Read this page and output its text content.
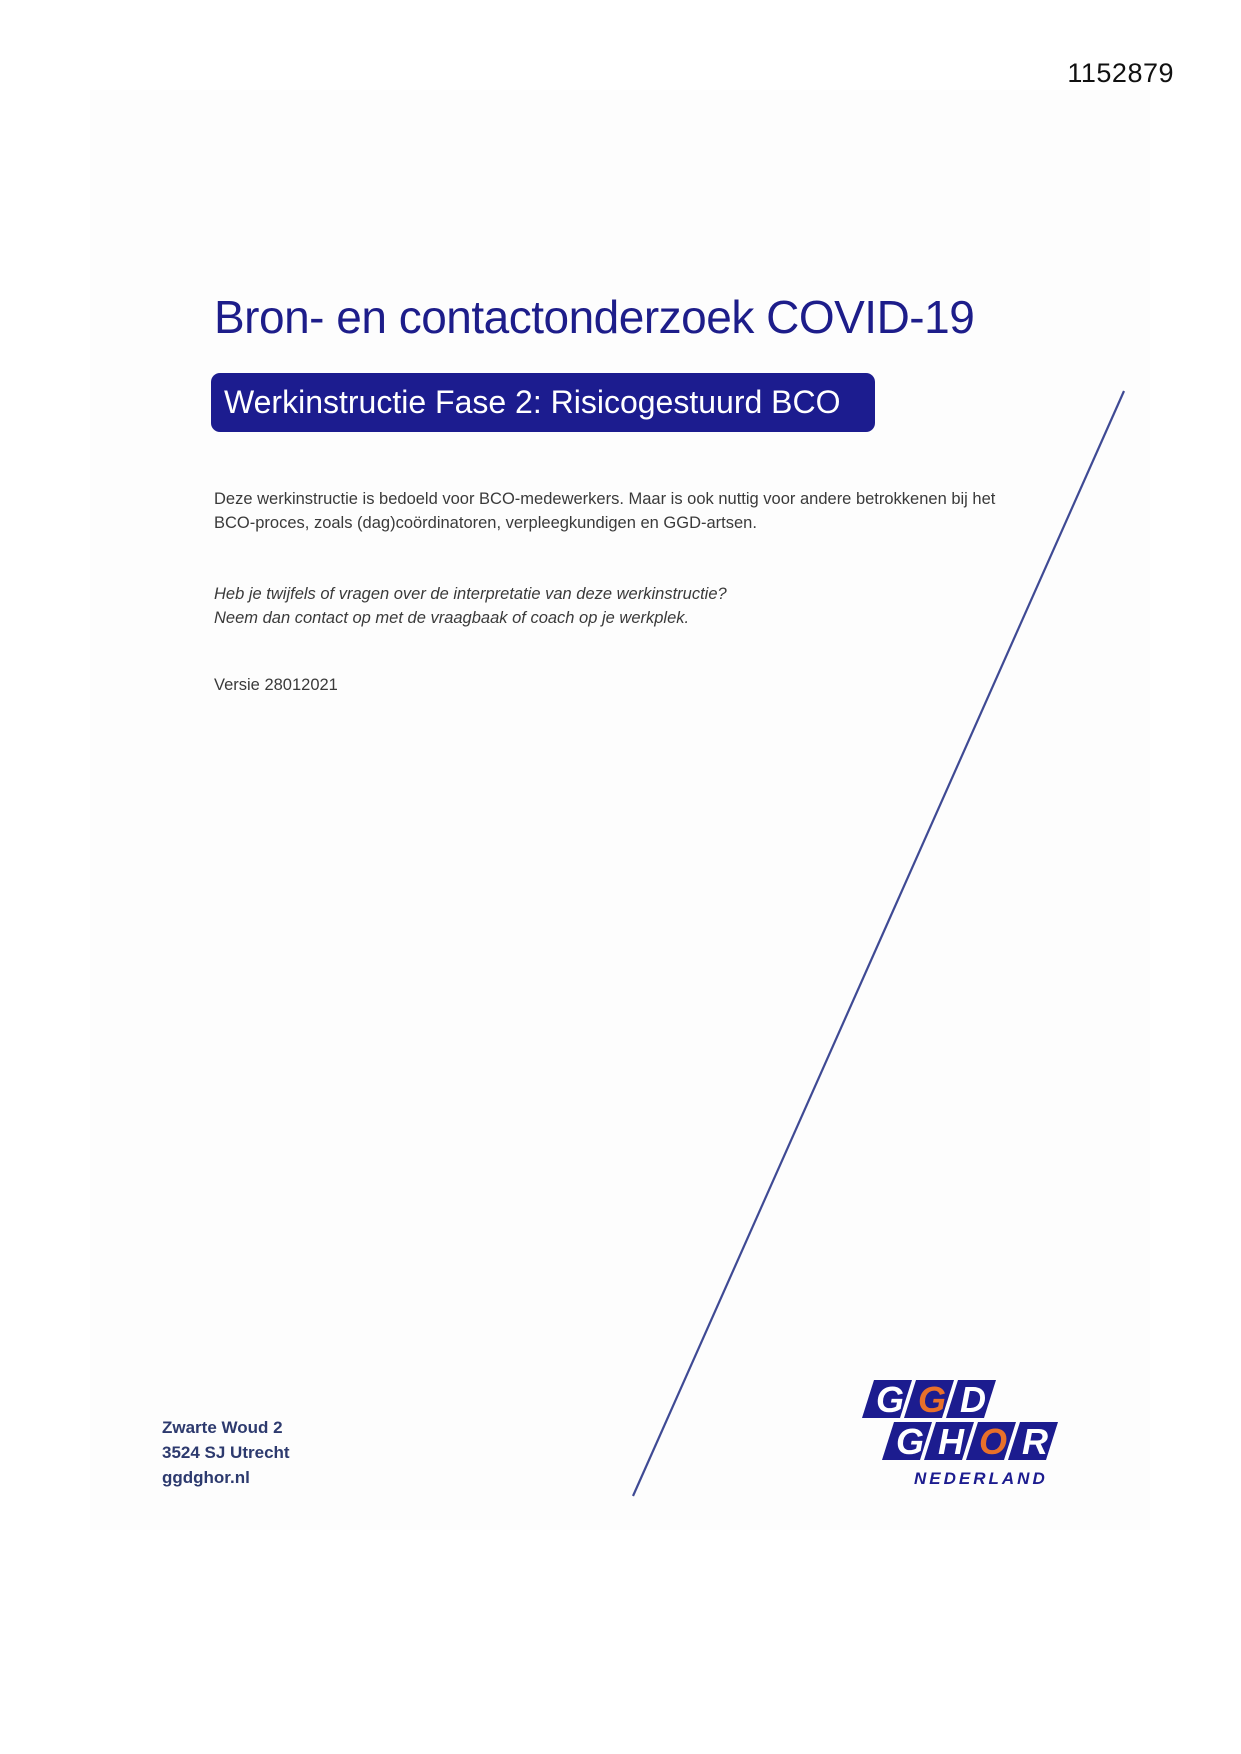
1152879
Bron- en contactonderzoek COVID-19
Werkinstructie Fase 2: Risicogestuurd BCO

Deze werkinstructie is bedoeld voor BCO-medewerkers. Maar is ook nuttig voor andere betrokkenen bij het BCO-proces, zoals (dag)coördinatoren, verpleegkundigen en GGD-artsen.

Heb je twijfels of vragen over de interpretatie van deze werkinstructie?
Neem dan contact op met de vraagbaak of coach op je werkplek.
Versie 28012021
Zwarte Woud 2
3524 SJ Utrecht
ggdghor.nl
G G D
G H O R
NEDERLAND
